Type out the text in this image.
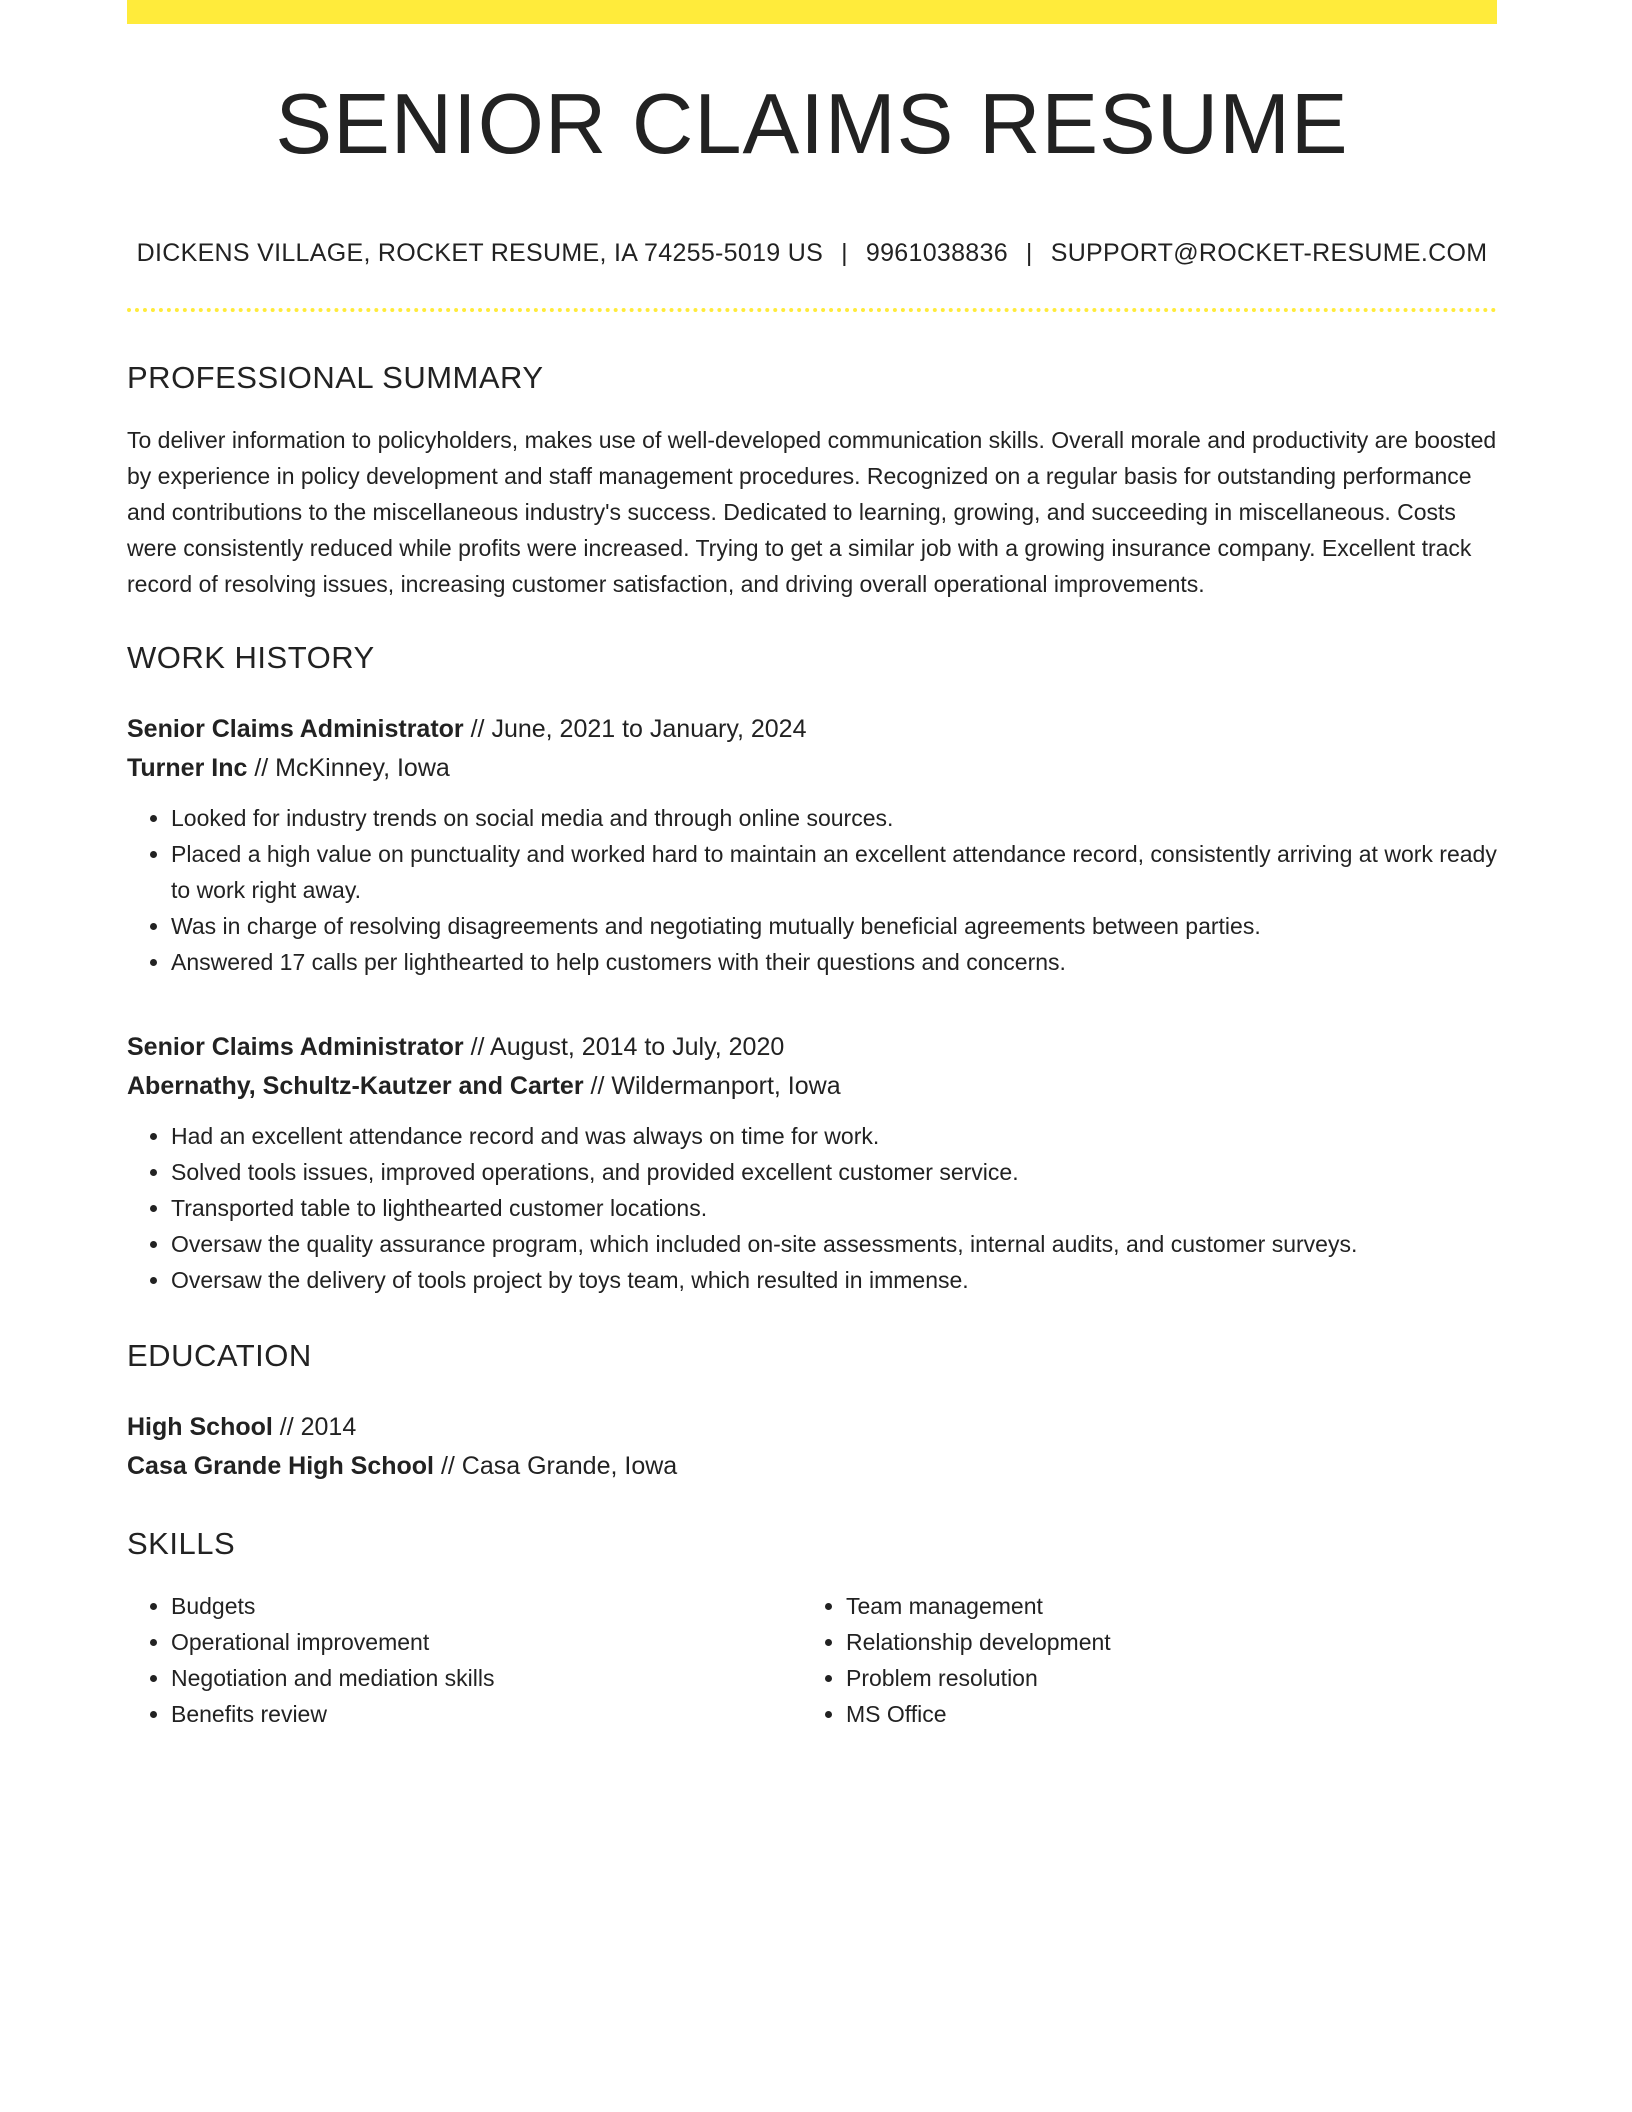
SENIOR CLAIMS RESUME
DICKENS VILLAGE, ROCKET RESUME, IA 74255-5019 US | 9961038836 | SUPPORT@ROCKET-RESUME.COM
PROFESSIONAL SUMMARY

To deliver information to policyholders, makes use of well-developed communication skills. Overall morale and productivity are boosted by experience in policy development and staff management procedures. Recognized on a regular basis for outstanding performance and contributions to the miscellaneous industry's success. Dedicated to learning, growing, and succeeding in miscellaneous. Costs were consistently reduced while profits were increased. Trying to get a similar job with a growing insurance company. Excellent track record of resolving issues, increasing customer satisfaction, and driving overall operational improvements.

WORK HISTORY
Senior Claims Administrator // June, 2021 to January, 2024
Turner Inc // McKinney, Iowa
• Looked for industry trends on social media and through online sources.
• Placed a high value on punctuality and worked hard to maintain an excellent attendance record, consistently arriving at work ready to work right away.
• Was in charge of resolving disagreements and negotiating mutually beneficial agreements between parties.
• Answered 17 calls per lighthearted to help customers with their questions and concerns.
Senior Claims Administrator // August, 2014 to July, 2020
Abernathy, Schultz-Kautzer and Carter // Wildermanport, Iowa
• Had an excellent attendance record and was always on time for work.
• Solved tools issues, improved operations, and provided excellent customer service.
• Transported table to lighthearted customer locations.
• Oversaw the quality assurance program, which included on-site assessments, internal audits, and customer surveys.
• Oversaw the delivery of tools project by toys team, which resulted in immense.
EDUCATION
High School // 2014
Casa Grande High School // Casa Grande, Iowa
SKILLS
• Budgets
• Operational improvement
• Negotiation and mediation skills
• Benefits review
• Team management
• Relationship development
• Problem resolution
• MS Office
